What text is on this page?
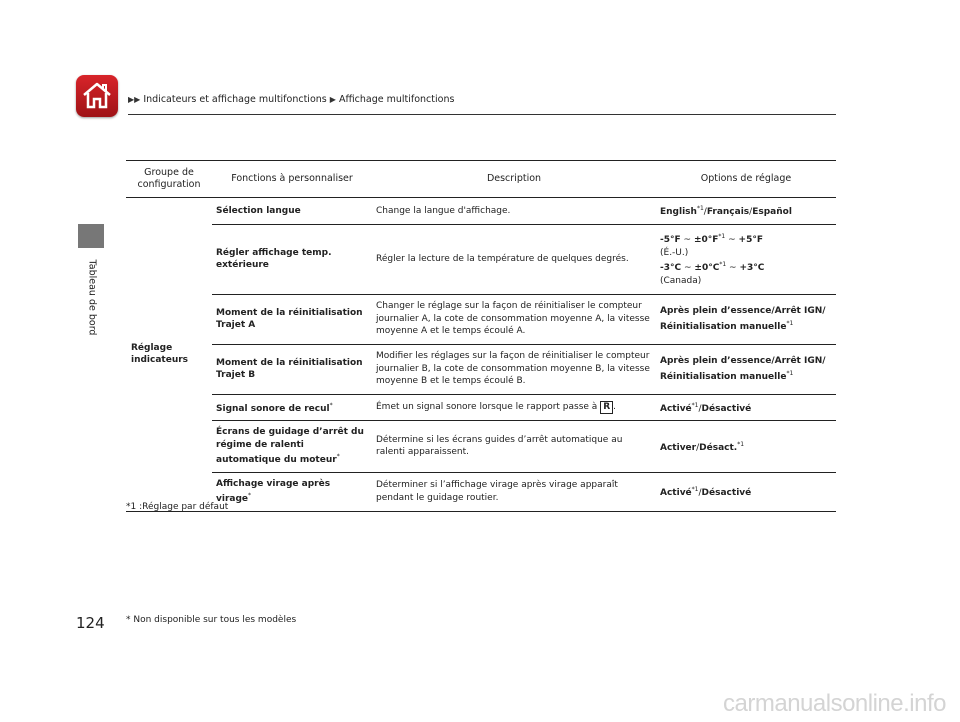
▶▶ Indicateurs et affichage multifonctions ▶ Affichage multifonctions
Tableau de bord
Groupe de configuration	Fonctions à personnaliser	Description	Options de réglage
Réglage indicateurs	Sélection langue	Change la langue d'affichage.	English$^{*1}$/Français/Español
	Régler affichage temp. extérieure	Régler la lecture de la température de quelques degrés.	-5°F ~ $\pm 0^\circ F^{*1}$ ~ +5°F
(É.-U.)
-3°C ~ $\pm 0^\circ C^{*1}$ ~ +3°C
(Canada)
	Moment de la réinitialisation Trajet A	Changer le réglage sur la façon de réinitialiser le compteur journalier A, la cote de consommation moyenne A, la vitesse moyenne A et le temps écoulé A.	Après plein d’essence/Arrêt IGN/
Réinitialisation manuelle$^{*1}$
	Moment de la réinitialisation Trajet B	Modifier les réglages sur la façon de réinitialiser le compteur journalier B, la cote de consommation moyenne B, la vitesse moyenne B et le temps écoulé B.	Après plein d’essence/Arrêt IGN/
Réinitialisation manuelle$^{*1}$
	Signal sonore de recul*	Émet un signal sonore lorsque le rapport passe à R .	Activé$^{*1}$/Désactivé
	Écrans de guidage d’arrêt du régime de ralenti automatique du moteur*	Détermine si les écrans guides d’arrêt automatique au ralenti apparaissent.	Activer/Désact.$^{*1}$
	Affichage virage après virage*	Déterminer si l’affichage virage après virage apparaît pendant le guidage routier.	Activé$^{*1}$/Désactivé
*1 :Réglage par défaut
124 * Non disponible sur tous les modèles
carmanualsonline.info
